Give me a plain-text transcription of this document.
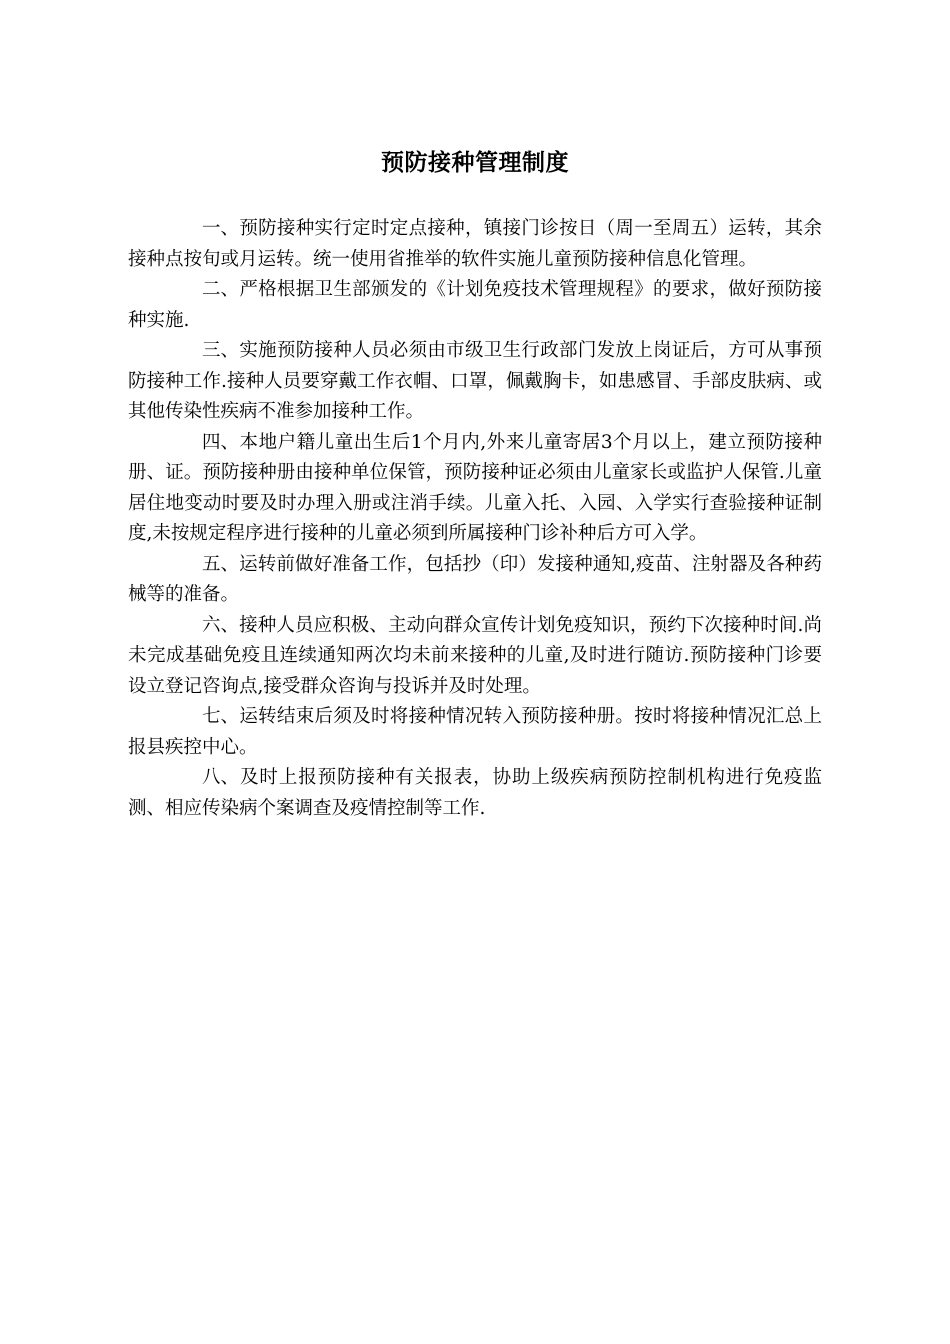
预防接种管理制度

一、预防接种实行定时定点接种，镇接门诊按日（周一至周五）运转，其余接种点按旬或月运转。统一使用省推举的软件实施儿童预防接种信息化管理。

二、严格根据卫生部颁发的《计划免疫技术管理规程》的要求，做好预防接种实施.

三、实施预防接种人员必须由市级卫生行政部门发放上岗证后，方可从事预防接种工作.接种人员要穿戴工作衣帽、口罩，佩戴胸卡，如患感冒、手部皮肤病、或其他传染性疾病不准参加接种工作。

四、本地户籍儿童出生后1个月内,外来儿童寄居3个月以上，建立预防接种册、证。预防接种册由接种单位保管，预防接种证必须由儿童家长或监护人保管.儿童居住地变动时要及时办理入册或注消手续。儿童入托、入园、入学实行查验接种证制度,未按规定程序进行接种的儿童必须到所属接种门诊补种后方可入学。

五、运转前做好准备工作，包括抄（印）发接种通知,疫苗、注射器及各种药械等的准备。

六、接种人员应积极、主动向群众宣传计划免疫知识，预约下次接种时间.尚未完成基础免疫且连续通知两次均未前来接种的儿童,及时进行随访.预防接种门诊要设立登记咨询点,接受群众咨询与投诉并及时处理。

七、运转结束后须及时将接种情况转入预防接种册。按时将接种情况汇总上报县疾控中心。

八、及时上报预防接种有关报表，协助上级疾病预防控制机构进行免疫监测、相应传染病个案调查及疫情控制等工作.
